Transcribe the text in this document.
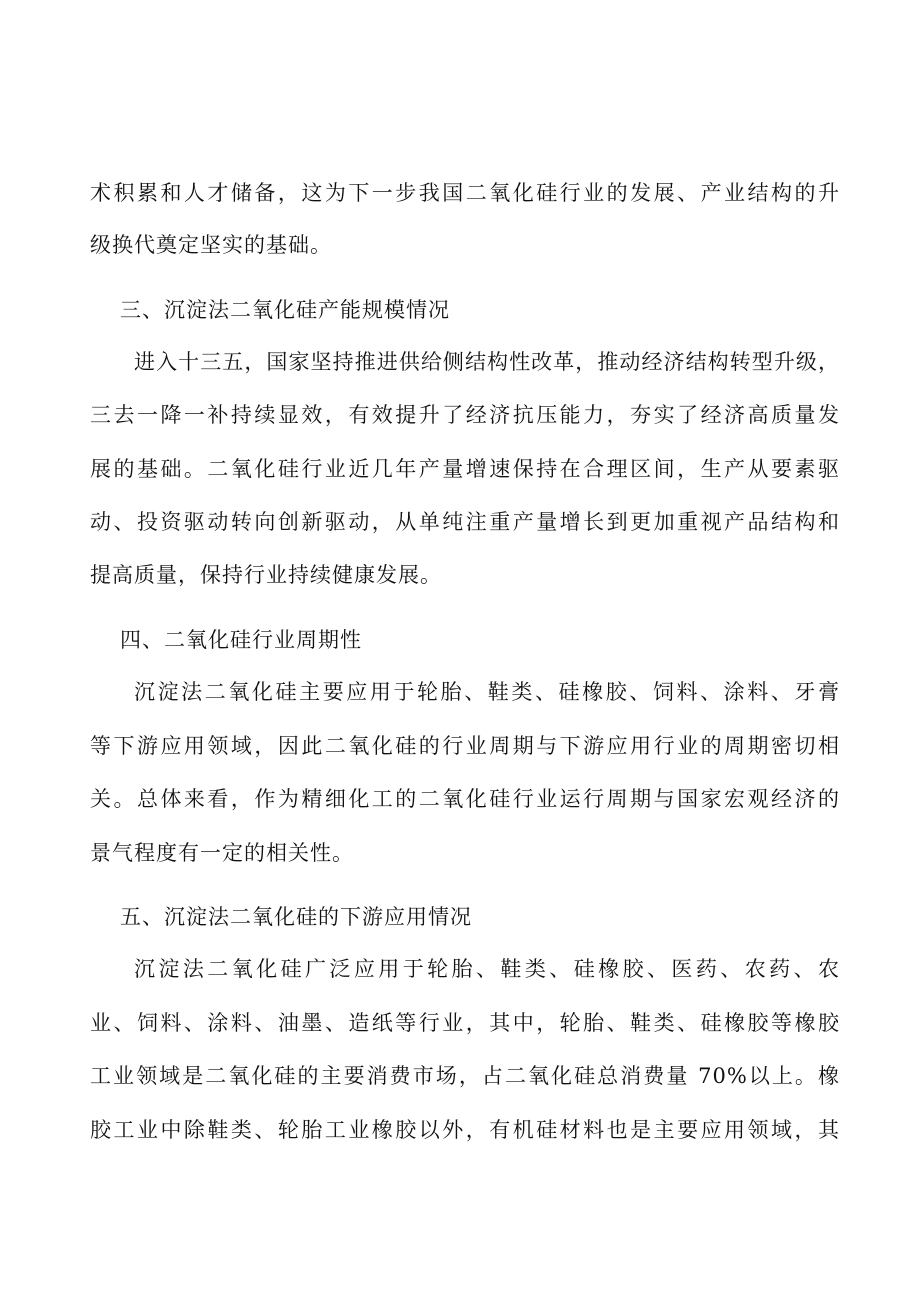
术积累和人才储备，这为下一步我国二氧化硅行业的发展、产业结构的升
级换代奠定坚实的基础。
三、沉淀法二氧化硅产能规模情况
进入十三五，国家坚持推进供给侧结构性改革，推动经济结构转型升级，
三去一降一补持续显效，有效提升了经济抗压能力，夯实了经济高质量发
展的基础。二氧化硅行业近几年产量增速保持在合理区间，生产从要素驱
动、投资驱动转向创新驱动，从单纯注重产量增长到更加重视产品结构和
提高质量，保持行业持续健康发展。
四、二氧化硅行业周期性
沉淀法二氧化硅主要应用于轮胎、鞋类、硅橡胶、饲料、涂料、牙膏
等下游应用领域，因此二氧化硅的行业周期与下游应用行业的周期密切相
关。总体来看，作为精细化工的二氧化硅行业运行周期与国家宏观经济的
景气程度有一定的相关性。
五、沉淀法二氧化硅的下游应用情况
沉淀法二氧化硅广泛应用于轮胎、鞋类、硅橡胶、医药、农药、农
业、饲料、涂料、油墨、造纸等行业，其中，轮胎、鞋类、硅橡胶等橡胶
工业领域是二氧化硅的主要消费市场，占二氧化硅总消费量 70%以上。橡
胶工业中除鞋类、轮胎工业橡胶以外，有机硅材料也是主要应用领域，其
